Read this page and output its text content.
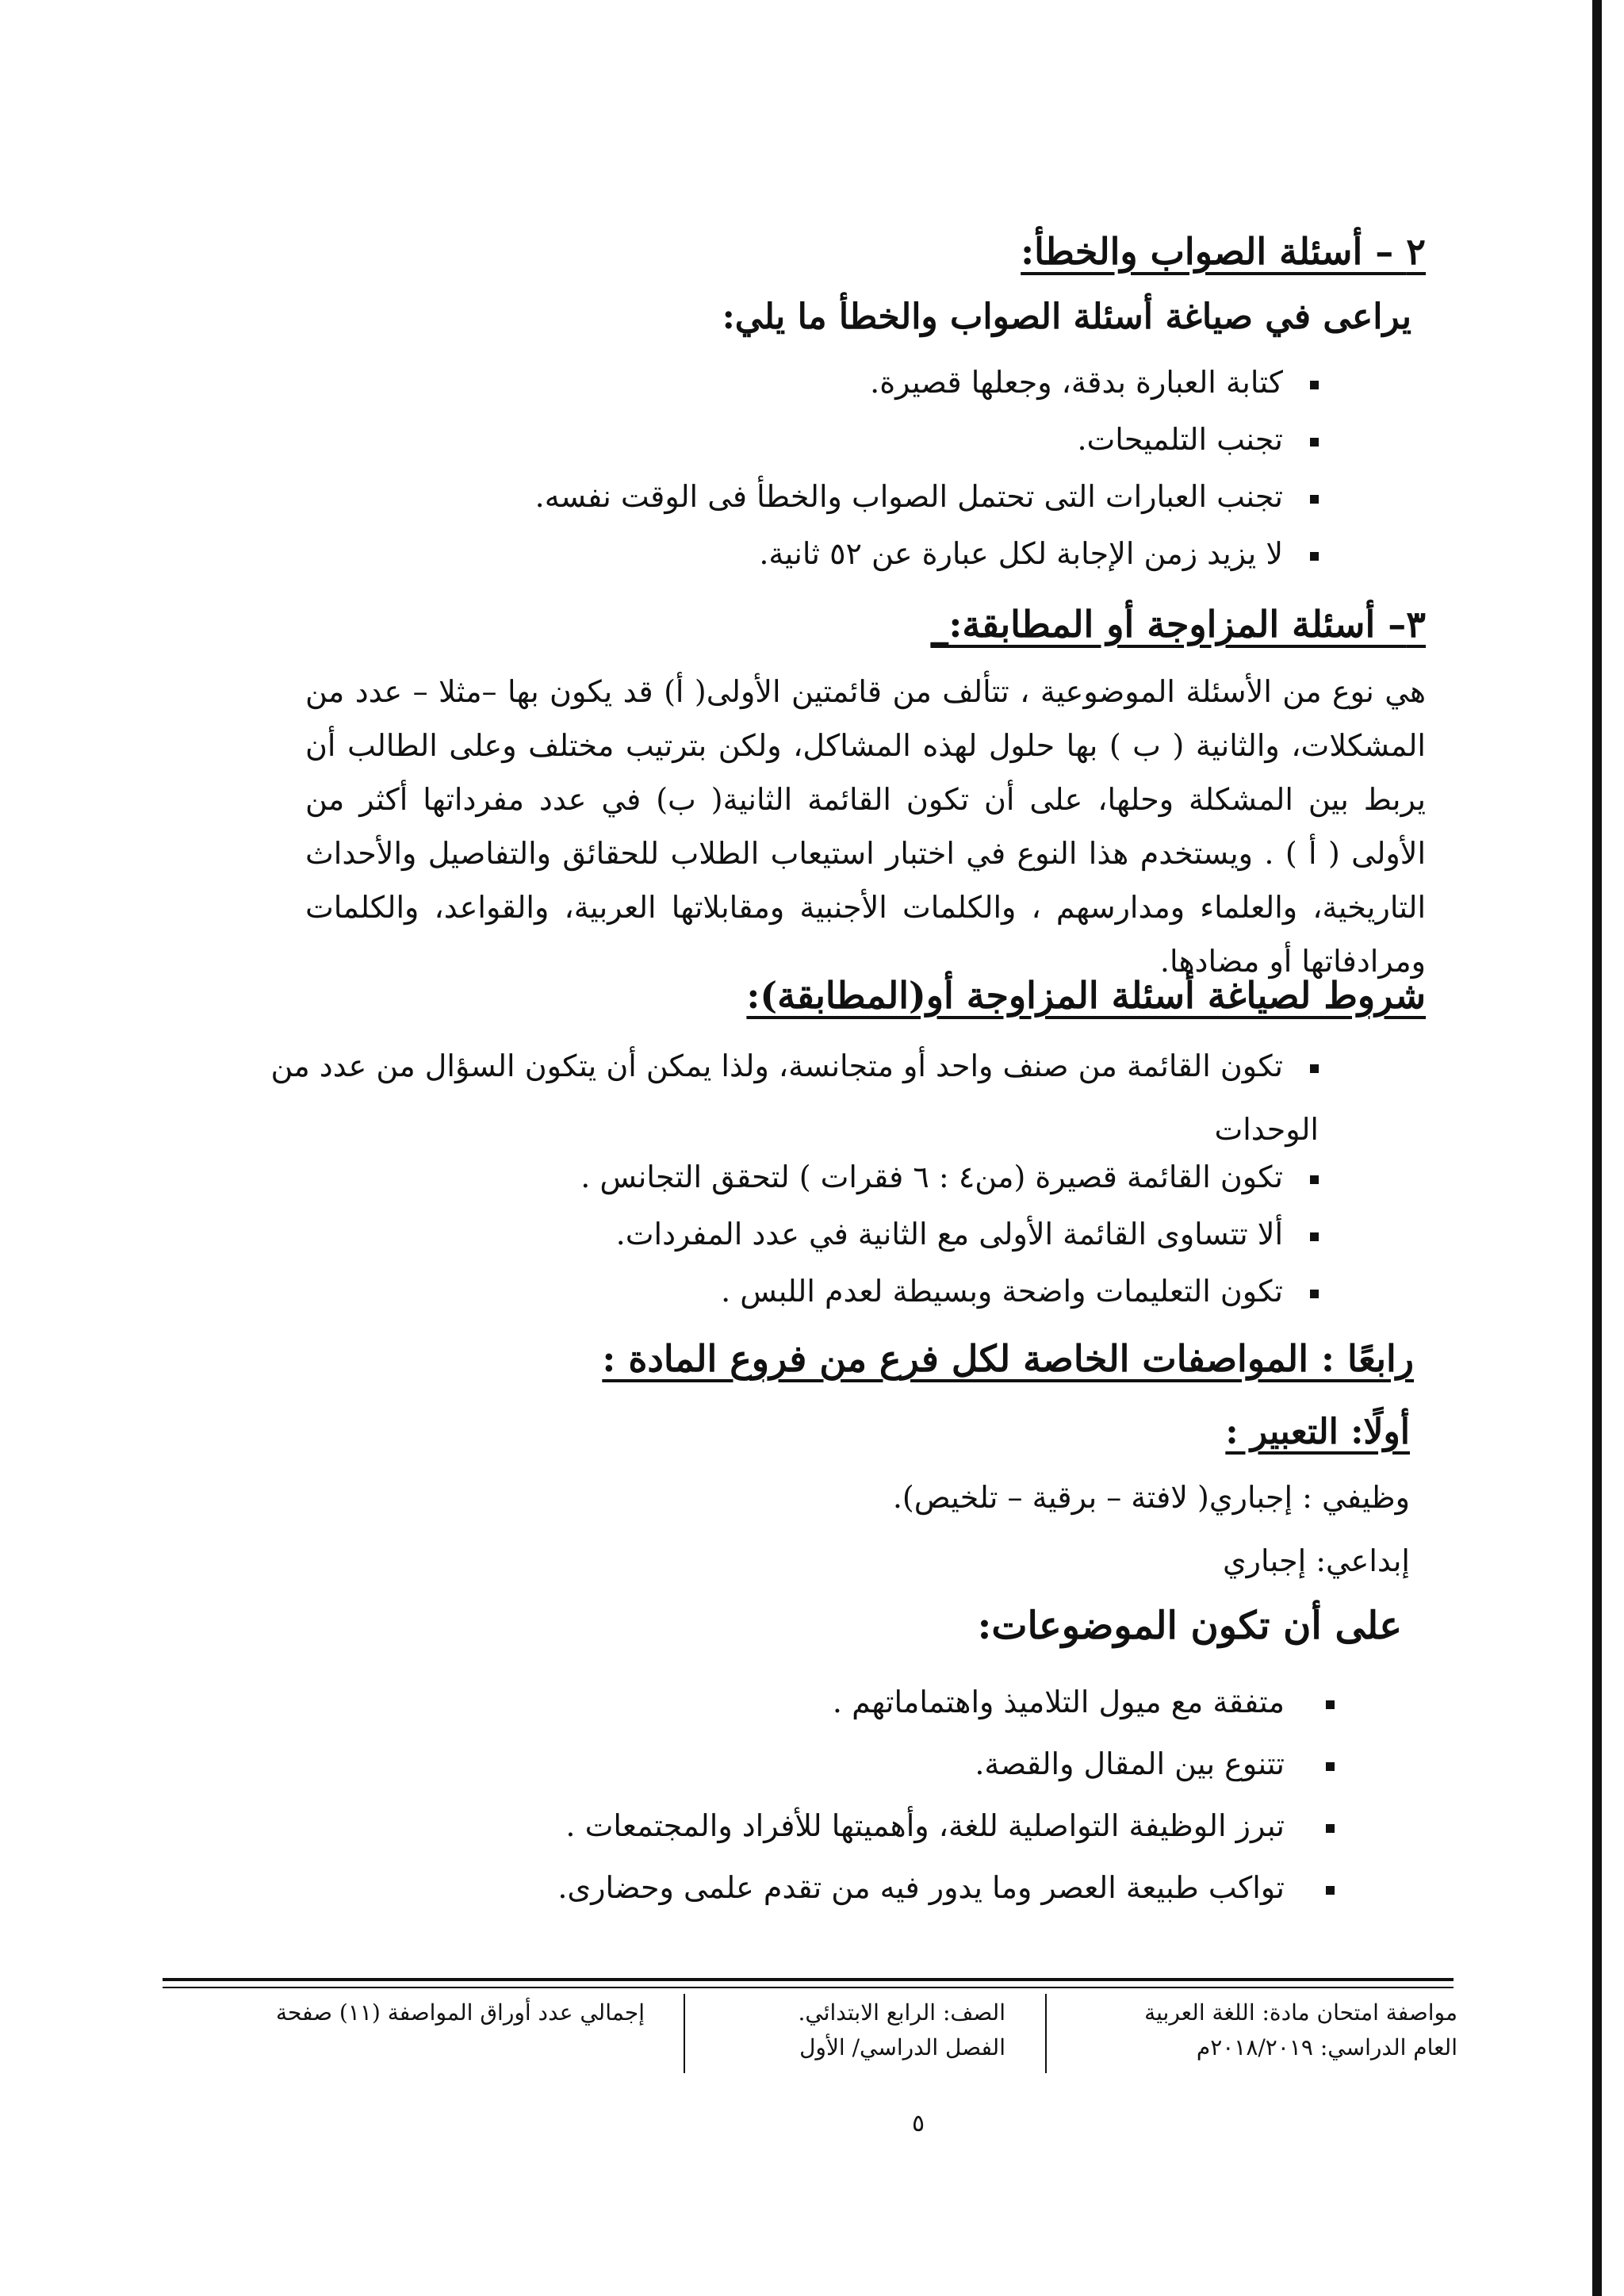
٢ – أسئلة الصواب والخطأ:
يراعى في صياغة أسئلة الصواب والخطأ ما يلي:
كتابة العبارة بدقة، وجعلها قصيرة.
تجنب التلميحات.
تجنب العبارات التى تحتمل الصواب والخطأ فى الوقت نفسه.
لا يزيد زمن الإجابة لكل عبارة عن ٥٢ ثانية.
٣– أسئلة المزاوجة أو المطابقة:_
هي نوع من الأسئلة الموضوعية ، تتألف من قائمتين الأولى( أ) قد يكون بها –مثلا – عدد من المشكلات، والثانية ( ب ) بها حلول لهذه المشاكل، ولكن بترتيب مختلف وعلى الطالب أن يربط بين المشكلة وحلها، على أن تكون القائمة الثانية( ب) في عدد مفرداتها أكثر من الأولى ( أ ) . ويستخدم هذا النوع في اختبار استيعاب الطلاب للحقائق والتفاصيل والأحداث التاريخية، والعلماء ومدارسهم ، والكلمات الأجنبية ومقابلاتها العربية، والقواعد، والكلمات ومرادفاتها أو مضادها.
شروط لصياغة أسئلة المزاوجة أو(المطابقة):
تكون القائمة من صنف واحد أو متجانسة، ولذا يمكن أن يتكون السؤال من عدد من الوحدات
تكون القائمة قصيرة (من٤ : ٦ فقرات ) لتحقق التجانس .
ألا تتساوى القائمة الأولى مع الثانية في عدد المفردات.
تكون التعليمات واضحة وبسيطة لعدم اللبس .
رابعًا : المواصفات الخاصة لكل فرع من فروع المادة :
أولًا: التعبير :
وظيفي : إجباري( لافتة – برقية – تلخيص).
إبداعي: إجباري
على أن تكون الموضوعات:
متفقة مع ميول التلاميذ واهتماماتهم .
تتنوع بين المقال والقصة.
تبرز الوظيفة التواصلية للغة، وأهميتها للأفراد والمجتمعات .
تواكب طبيعة العصر وما يدور فيه من تقدم علمى وحضارى.
مواصفة امتحان مادة: اللغة العربية
العام الدراسي: ٢٠١٨/٢٠١٩م
الصف: الرابع الابتدائي.
الفصل الدراسي/ الأول
إجمالي عدد أوراق المواصفة (١١) صفحة
٥
